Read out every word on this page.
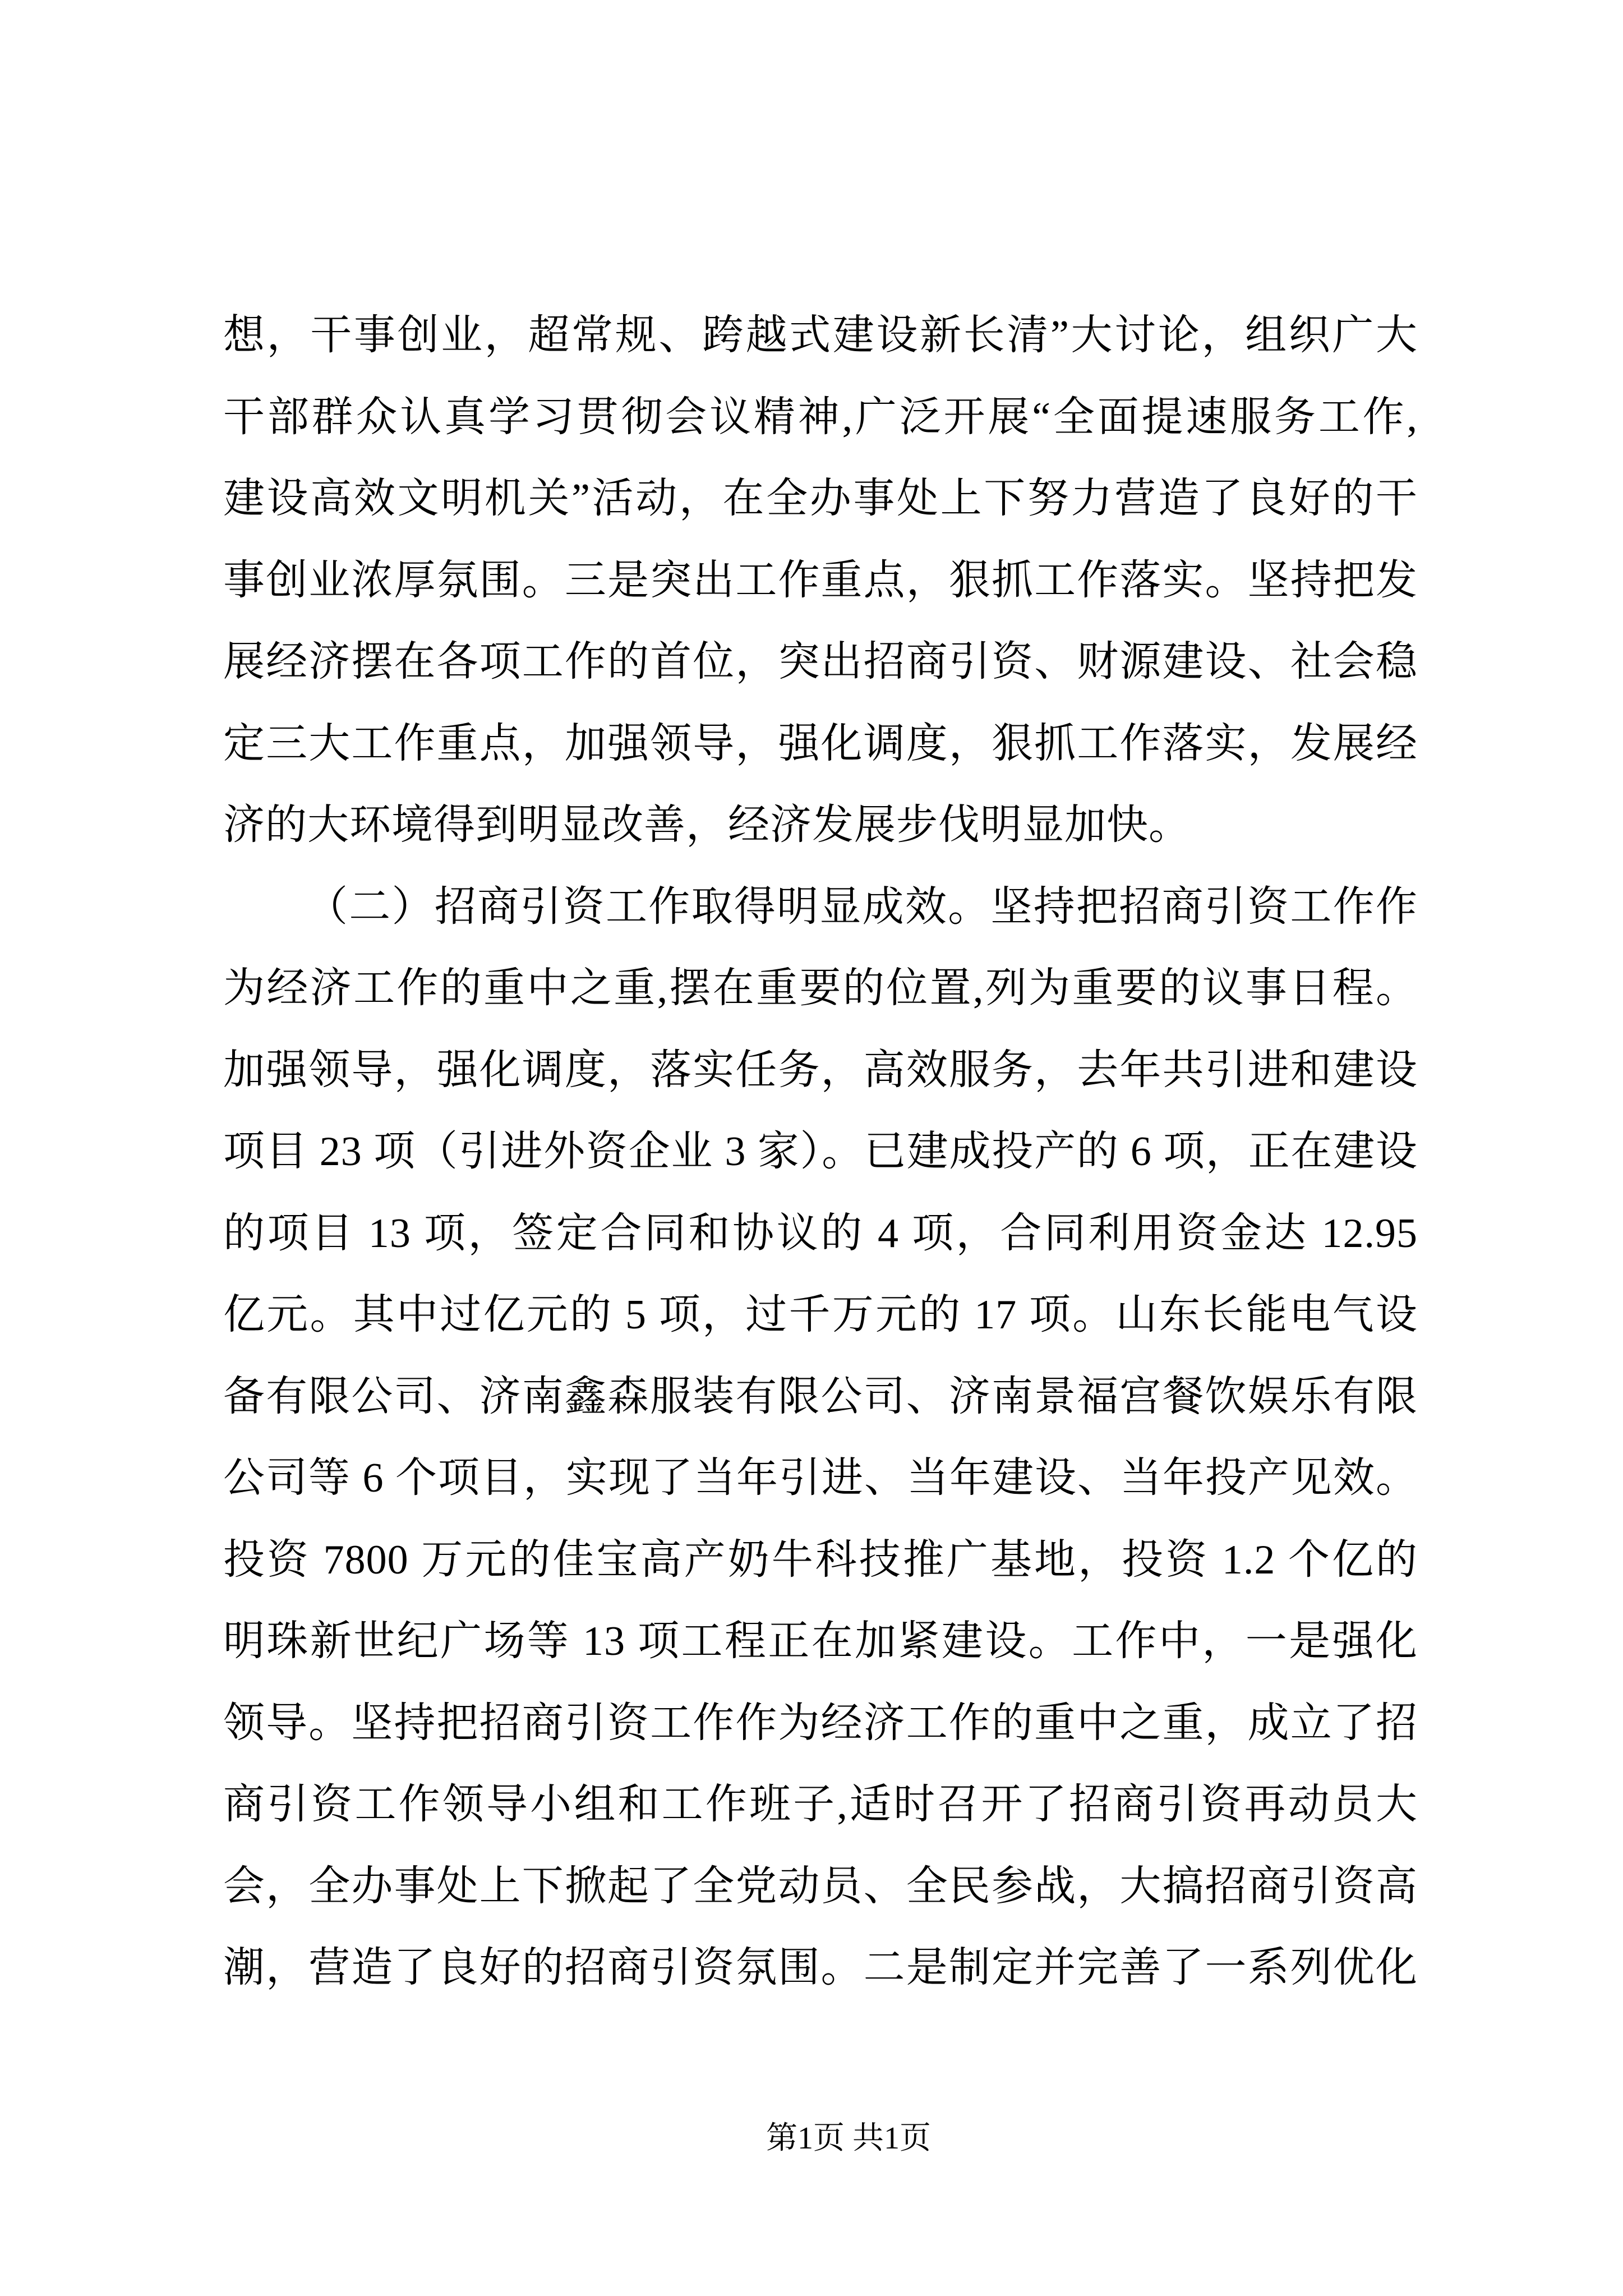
想，干事创业，超常规、跨越式建设新长清”大讨论，组织广大
干部群众认真学习贯彻会议精神,广泛开展“全面提速服务工作,
建设高效文明机关”活动，在全办事处上下努力营造了良好的干
事创业浓厚氛围。三是突出工作重点，狠抓工作落实。坚持把发
展经济摆在各项工作的首位，突出招商引资、财源建设、社会稳
定三大工作重点，加强领导，强化调度，狠抓工作落实，发展经
济的大环境得到明显改善，经济发展步伐明显加快。
（二）招商引资工作取得明显成效。坚持把招商引资工作作
为经济工作的重中之重,摆在重要的位置,列为重要的议事日程。
加强领导，强化调度，落实任务，高效服务，去年共引进和建设
项目 23 项（引进外资企业 3 家）。已建成投产的 6 项，正在建设
的项目 13 项，签定合同和协议的 4 项，合同利用资金达 12.95
亿元。其中过亿元的 5 项，过千万元的 17 项。山东长能电气设
备有限公司、济南鑫森服装有限公司、济南景福宫餐饮娱乐有限
公司等 6 个项目，实现了当年引进、当年建设、当年投产见效。
投资 7800 万元的佳宝高产奶牛科技推广基地，投资 1.2 个亿的
明珠新世纪广场等 13 项工程正在加紧建设。工作中，一是强化
领导。坚持把招商引资工作作为经济工作的重中之重，成立了招
商引资工作领导小组和工作班子,适时召开了招商引资再动员大
会，全办事处上下掀起了全党动员、全民参战，大搞招商引资高
潮，营造了良好的招商引资氛围。二是制定并完善了一系列优化
第1页 共1页
